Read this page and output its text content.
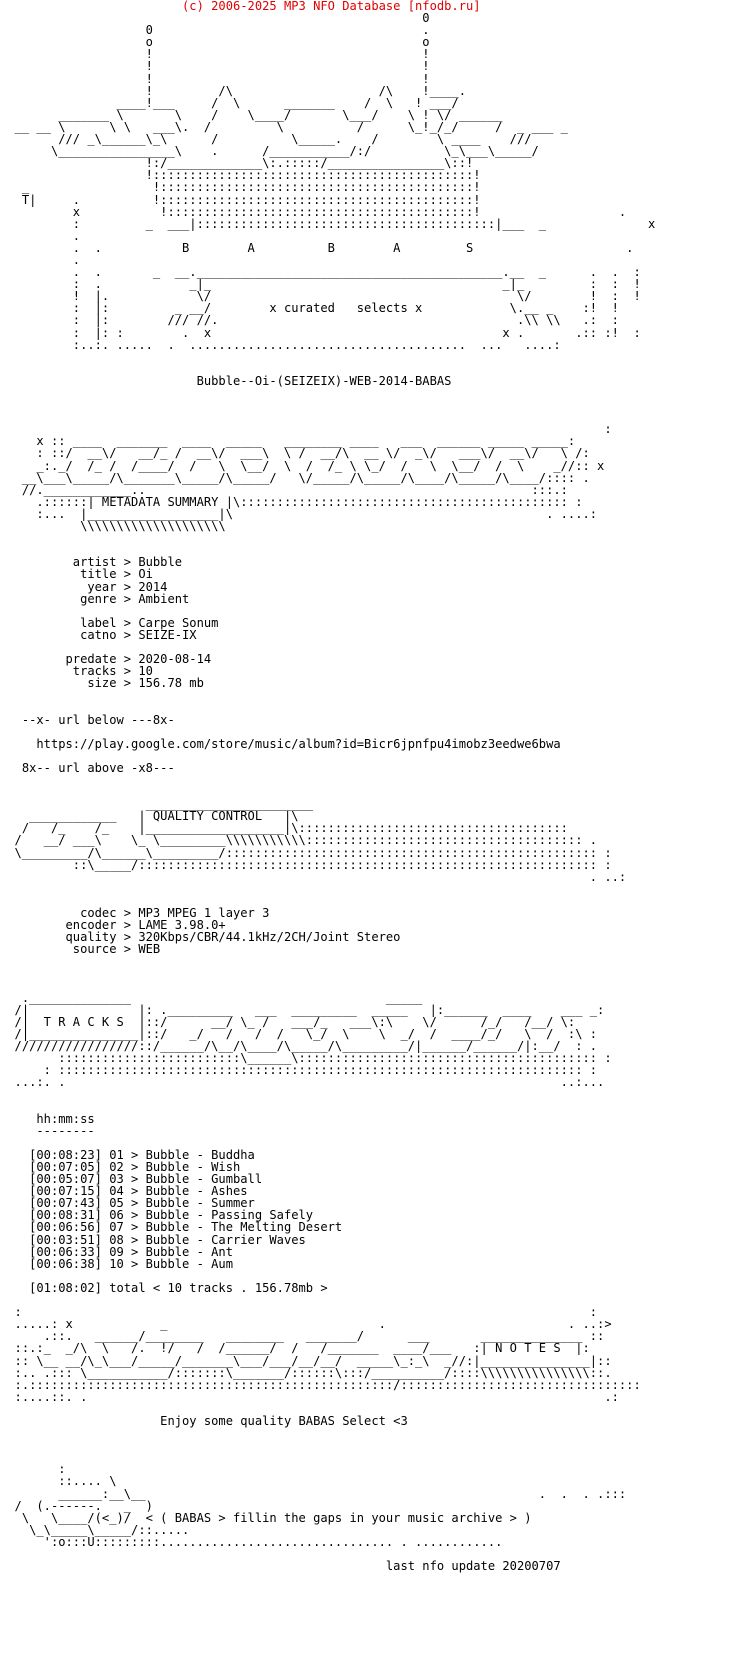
(c) 2006-2025 MP3 NFO Database [nfodb.ru]
0
0                                     .
o                                     o
!                                     !
!                                     !
!                                     !
!         /\                    /\    !____.
____!___     /  \      _______    /  \   ! ___/
_______ \       \    /    \____/       \___/    \ ! \/ ______
__ __ \      \ \   ___\.  /         \          /      \_!_/_/     /  _ ___ _
/// _\______\_\      /          \_____.    /        \ ____    ///
\________________\    .      /___________/:/          \_\___\_____/
!:/_____________\:.:::::/________________\::!
!::::::::::::::::::::::::::::::::::::::::::::!
_                 !:::::::::::::::::::::::::::::::::::::::::::!
T|     .          !:::::::::::::::::::::::::::::::::::::::::::!
x           !::::::::::::::::::::::::::::::::::::::::::!                   .
:         _  ___|:::::::::::::::::::::::::::::::::::::::::|___  _              x
.
.  .           B        A          B        A         S                     .
.
.  .       _  __.__________________________________________.__  _      .  .  :
:  .            _|_                                        _|_         :  :  !
!  |.            \/                                          \/        !  :  !
:  |:         _ __/        x curated   selects x            \.__ _    :!  !
:  |:        /// //.                                         .\\ \\   .:  :
:  |: :        .  x                                        x .       .:: :!  :
:..:. .....  .  ......................................  ...   ....:
Bubble--Oi-(SEIZEIX)-WEB-2014-BABAS
:
x :: ____  _______  ____  _____   ________ ____   ___  ______ _____ _____:
: ::/  __\/   __/_ /  __\/  ___\  \ /  __/\  __ \/  _\/   ___\/  __\/   \ /:
_:._/  /_ /  /____/  /   \  \__/  \  /  /_ \ \_/  /   \  \__/  /  \    _//:: x
__\___\_____/\_______\_____/\_____/   \/_____/\_____/\____/\_____/\____/:::: .
//.____________..                                                     :::.:
.::::::| METADATA SUMMARY |\::::::::::::::::::::::::::::::::::::::::::::: :
:...  |__________________|\                                           . ....:
\\\\\\\\\\\\\\\\\\\\
artist > Bubble
title > Oi
year > 2014
genre > Ambient
label > Carpe Sonum
catno > SEIZE-IX
predate > 2020-08-14
tracks > 10
size > 156.78 mb
--x- url below ---8x-
https://play.google.com/store/music/album?id=Bicr6jpnfpu4imobz3eedwe6bwa
8x-- url above -x8---
_______________________
____________   | QUALITY CONTROL   |\
/   /_    /_    |___________________|\:::::::::::::::::::::::::::::::::::::
/   __/ ___\    \_ \_________\\\\\\\\\\\:::::::::::::::::::::::::::::::::::::: .
\_________/\______\_________/::::::::::::::::::::::::::::::::::::::::::::::::::: :
::\_____/::::::::::::::::::::::::::::::::::::::::::::::::::::::::::::::: :
. ..:
codec > MP3 MPEG 1 layer 3
encoder > LAME 3.98.0+
quality > 320Kbps/CBR/44.1kHz/2CH/Joint Stereo
source > WEB
.______________                                   _____
/|               |: ._________   ___  _________  _____   |:______  ____    ___ _:
/|  T R A C K S  |::/      __/ \_ /   ___/_   ___\:\    \/      /_/   /__/ \:
/|_______________|::/   _/   /   /  /   \_/  \    \  _/  /  ____/_/   \  /  :\ :
/////////////////::/______/\__/\____/\_____/\_________/|______/______/|:__/  : .
:::::::::::::::::::::::::\______\::::::::::::::::::::::::::::::::::::::::: :
: :::::::::::::::::::::::::::::::::::::::::::::::::::::::::::::::::::::::: :
...:. .                                                                    ..:...
hh:mm:ss
--------
[00:08:23] 01 > Bubble - Buddha
[00:07:05] 02 > Bubble - Wish
[00:05:07] 03 > Bubble - Gumball
[00:07:15] 04 > Bubble - Ashes
[00:07:43] 05 > Bubble - Summer
[00:08:31] 06 > Bubble - Passing Safely
[00:06:56] 07 > Bubble - The Melting Desert
[00:03:51] 08 > Bubble - Carrier Waves
[00:06:33] 09 > Bubble - Ant
[00:06:38] 10 > Bubble - Aum
[01:08:02] total < 10 tracks . 156.78mb >
:                                                                              :
.....: x            _                             .                         . ..:>
.::.   ______/________   ________   _______/      ___       ______________ ::
::.:_  _/\  \   /.  !/   /  /______/  /   /_______  ____/___   :| N O T E S  |:
:: \__ __/\_\___/_____/_______\___/___/__/__/  _____\_:_\  _//:|_______________|::
:.. .::: \___________/:::::::\_______/::::::\:::/__________/::::\\\\\\\\\\\\\\\::.
:.::::::::::::::::::::::::::::::::::::::::::::::::::/:::::::::::::::::::::::::::::::::
:....::. .                                                                       .:
Enjoy some quality BABAS Select <3
:
::.... \
______:__\__                                                      .  .  . .:::
/  (.------.   _  )
\   \____/(<_)/  < ( BABAS > fillin the gaps in your music archive > )
\_\_____\_____/::.....
':o:::U:::::::::................................ . ............
last nfo update 20200707
